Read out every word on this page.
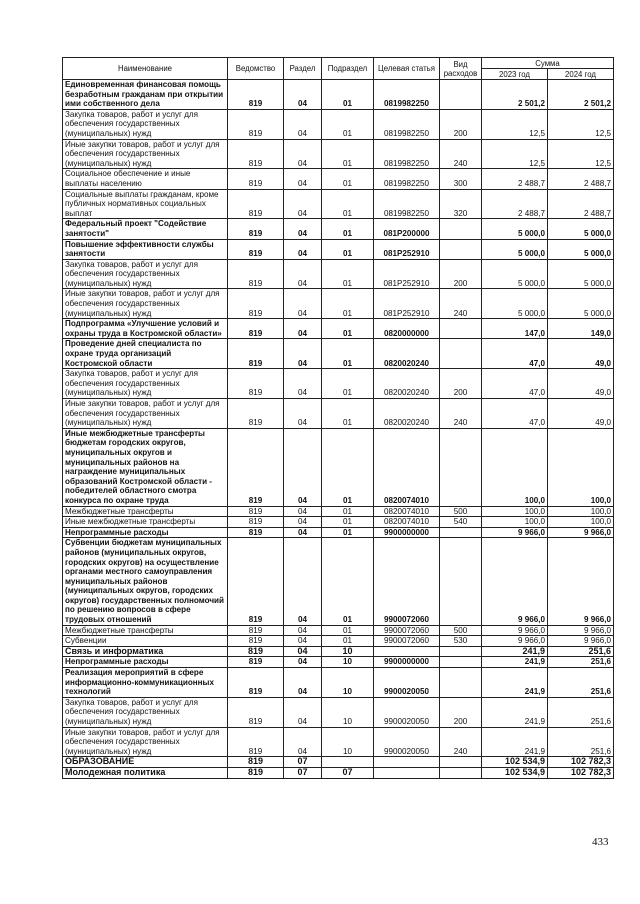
Наименование	Ведомство	Раздел	Подраздел	Целевая статья	Вид расходов	Сумма	
						2023 год	2024 год
Единовременная финансовая помощь безработным гражданам при открытии ими собственного дела	819	04	01	0819982250		2 501,2	2 501,2
Закупка товаров, работ и услуг для обеспечения государственных (муниципальных) нужд	819	04	01	0819982250	200	12,5	12,5
Иные закупки товаров, работ и услуг для обеспечения государственных (муниципальных) нужд	819	04	01	0819982250	240	12,5	12,5
Социальное обеспечение и иные выплаты населению	819	04	01	0819982250	300	2 488,7	2 488,7
Социальные выплаты гражданам, кроме публичных нормативных социальных выплат	819	04	01	0819982250	320	2 488,7	2 488,7
Федеральный проект "Содействие занятости"	819	04	01	081P200000		5 000,0	5 000,0
Повышение эффективности службы занятости	819	04	01	081P252910		5 000,0	5 000,0
Закупка товаров, работ и услуг для обеспечения государственных (муниципальных) нужд	819	04	01	081P252910	200	5 000,0	5 000,0
Иные закупки товаров, работ и услуг для обеспечения государственных (муниципальных) нужд	819	04	01	081P252910	240	5 000,0	5 000,0
Подпрограмма «Улучшение условий и охраны труда в Костромской области»	819	04	01	0820000000		147,0	149,0
Проведение дней специалиста по охране труда организаций Костромской области	819	04	01	0820020240		47,0	49,0
Закупка товаров, работ и услуг для обеспечения государственных (муниципальных) нужд	819	04	01	0820020240	200	47,0	49,0
Иные закупки товаров, работ и услуг для обеспечения государственных (муниципальных) нужд	819	04	01	0820020240	240	47,0	49,0
Иные межбюджетные трансферты бюджетам городских округов, муниципальных округов и муниципальных районов на награждение муниципальных образований Костромской области - победителей областного смотра конкурса по охране труда	819	04	01	0820074010		100,0	100,0
Межбюджетные трансферты	819	04	01	0820074010	500	100,0	100,0
Иные межбюджетные трансферты	819	04	01	0820074010	540	100,0	100,0
Непрограммные расходы	819	04	01	9900000000		9 966,0	9 966,0
Субвенции бюджетам муниципальных районов (муниципальных округов, городских округов) на осуществление органами местного самоуправления муниципальных районов (муниципальных округов, городских округов) государственных полномочий по решению вопросов в сфере трудовых отношений	819	04	01	9900072060		9 966,0	9 966,0
Межбюджетные трансферты	819	04	01	9900072060	500	9 966,0	9 966,0
Субвенции	819	04	01	9900072060	530	9 966,0	9 966,0
Связь и информатика	819	04	10			241,9	251,6
Непрограммные расходы	819	04	10	9900000000		241,9	251,6
Реализация мероприятий в сфере информационно-коммуникационных технологий	819	04	10	9900020050		241,9	251,6
Закупка товаров, работ и услуг для обеспечения государственных (муниципальных) нужд	819	04	10	9900020050	200	241,9	251,6
Иные закупки товаров, работ и услуг для обеспечения государственных (муниципальных) нужд	819	04	10	9900020050	240	241,9	251,6
ОБРАЗОВАНИЕ	819	07				102 534,9	102 782,3
Молодежная политика	819	07	07			102 534,9	102 782,3
433
